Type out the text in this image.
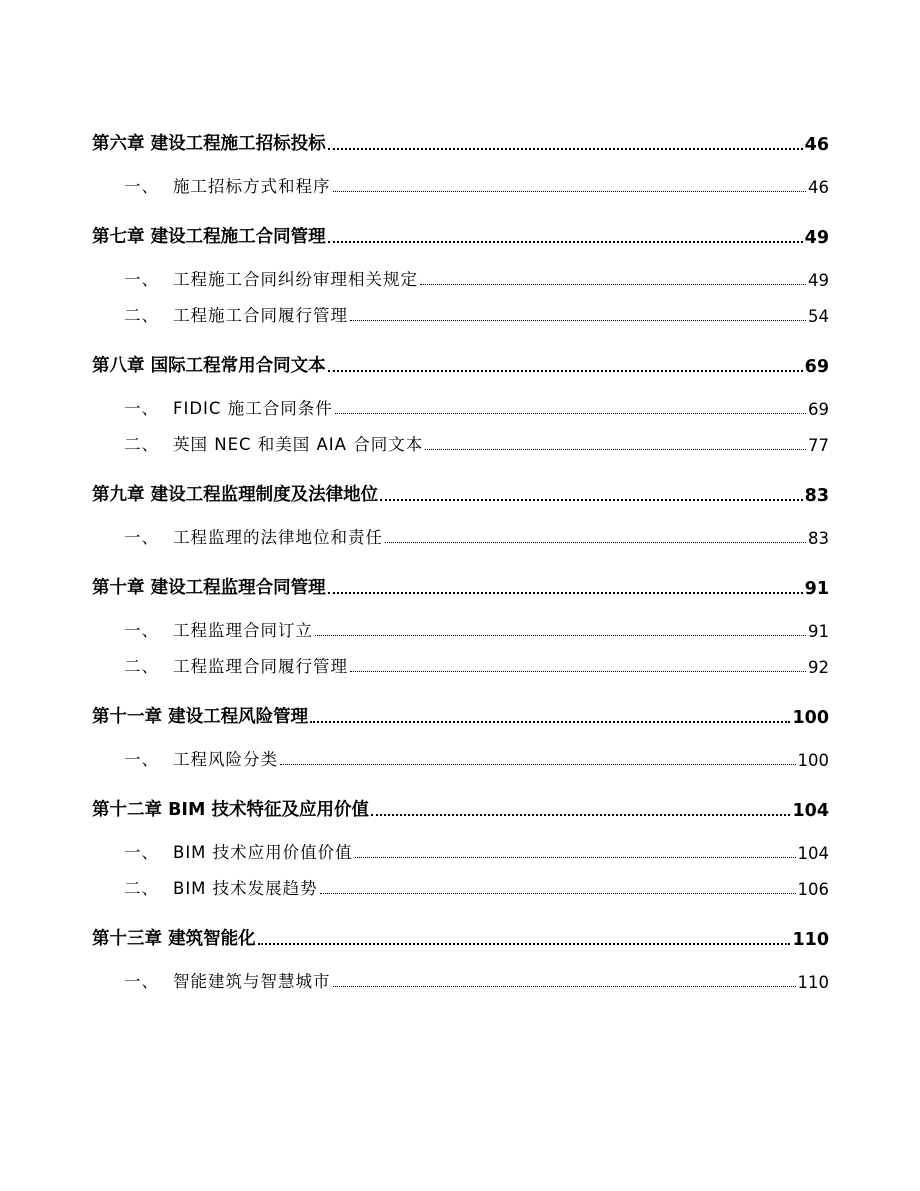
第六章 建设工程施工招标投标	46
一、 施工招标方式和程序	46
第七章 建设工程施工合同管理	49
一、 工程施工合同纠纷审理相关规定	49
二、 工程施工合同履行管理	54
第八章 国际工程常用合同文本	69
一、 FIDIC 施工合同条件	69
二、 英国 NEC 和美国 AIA 合同文本	77
第九章 建设工程监理制度及法律地位	83
一、 工程监理的法律地位和责任	83
第十章 建设工程监理合同管理	91
一、 工程监理合同订立	91
二、 工程监理合同履行管理	92
第十一章 建设工程风险管理	100
一、 工程风险分类	100
第十二章 BIM 技术特征及应用价值	104
一、 BIM 技术应用价值价值	104
二、 BIM 技术发展趋势	106
第十三章 建筑智能化	110
一、 智能建筑与智慧城市	110
